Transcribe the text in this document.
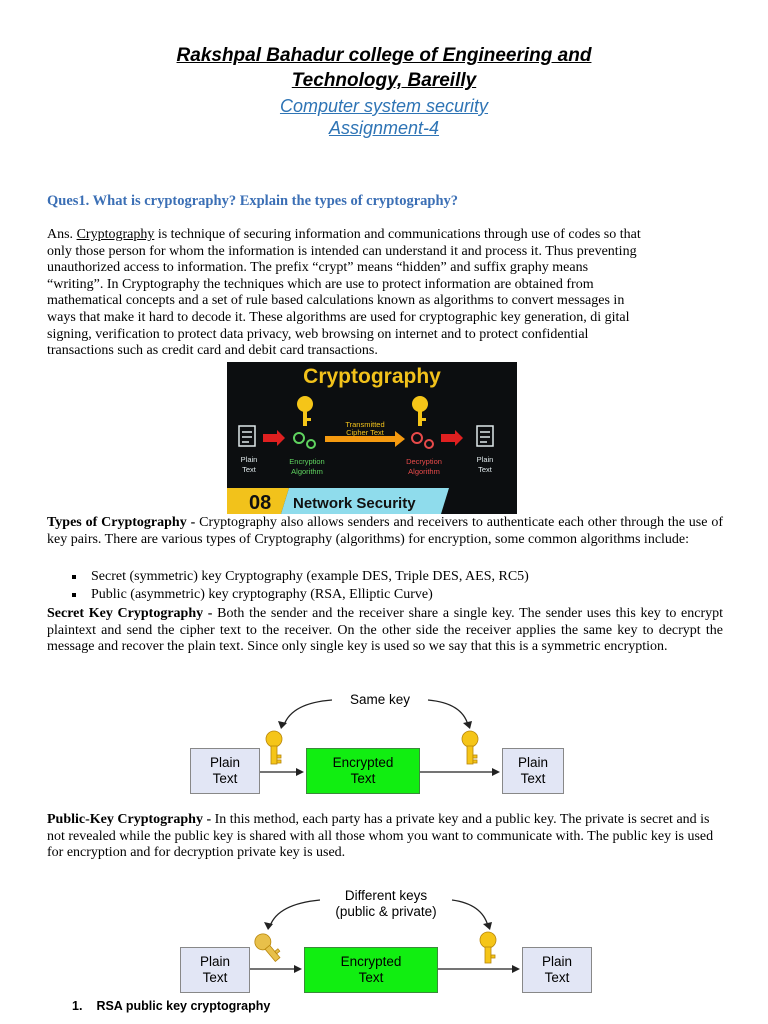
Rakshpal Bahadur college of Engineering and
Technology, Bareilly
Computer system security
Assignment-4
Ques1. What is cryptography? Explain the types of cryptography?
Ans. Cryptography is technique of securing information and communications through use of codes so that
only those person for whom the information is intended can understand it and process it. Thus preventing
unauthorized access to information. The prefix “crypt” means “hidden” and suffix graphy means
“writing”. In Cryptography the techniques which are use to protect information are obtained from
mathematical concepts and a set of rule based calculations known as algorithms to convert messages in
ways that make it hard to decode it. These algorithms are used for cryptographic key generation, di gital
signing, verification to protect data privacy, web browsing on internet and to protect confidential
transactions such as credit card and debit card transactions.
Cryptography
Transmitted
Cipher Text
Plain
Text
Encryption
Algorithm
Decryption
Algorithm
Plain
Text
08 Network Security
Types of Cryptography - Cryptography also allows senders and receivers to authenticate each other through the use of key pairs. There are various types of Cryptography (algorithms) for encryption, some common algorithms include:
Secret (symmetric) key Cryptography (example DES, Triple DES, AES, RC5)
Public (asymmetric) key cryptography (RSA, Elliptic Curve)
Secret Key Cryptography - Both the sender and the receiver share a single key. The sender uses this key to encrypt plaintext and send the cipher text to the receiver. On the other side the receiver applies the same key to decrypt the message and recover the plain text. Since only single key is used so we say that this is a symmetric encryption.
Same key
Plain
Text
Encrypted
Text
Plain
Text
Public-Key Cryptography - In this method, each party has a private key and a public key. The private is secret and is not revealed while the public key is shared with all those whom you want to communicate with. The public key is used for encryption and for decryption private key is used.
Different keys
(public & private)
Plain
Text
Encrypted
Text
Plain
Text
1. RSA public key cryptography
